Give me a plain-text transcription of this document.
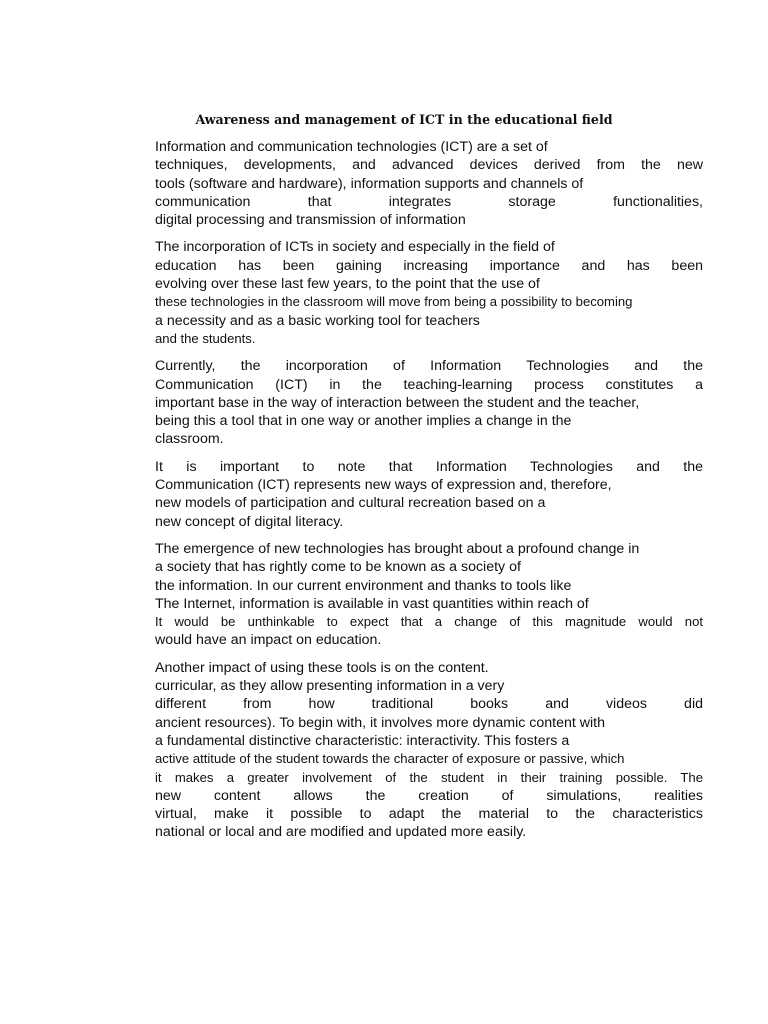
Awareness and management of ICT in the educational field

Information and communication technologies (ICT) are a set of
techniques, developments, and advanced devices derived from the new
tools (software and hardware), information supports and channels of
communication that integrates storage functionalities,
digital processing and transmission of information

The incorporation of ICTs in society and especially in the field of
education has been gaining increasing importance and has been
evolving over these last few years, to the point that the use of
these technologies in the classroom will move from being a possibility to becoming
a necessity and as a basic working tool for teachers
and the students.

Currently, the incorporation of Information Technologies and the
Communication (ICT) in the teaching-learning process constitutes a
important base in the way of interaction between the student and the teacher,
being this a tool that in one way or another implies a change in the
classroom.

It is important to note that Information Technologies and the
Communication (ICT) represents new ways of expression and, therefore,
new models of participation and cultural recreation based on a
new concept of digital literacy.

The emergence of new technologies has brought about a profound change in
a society that has rightly come to be known as a society of
the information. In our current environment and thanks to tools like
The Internet, information is available in vast quantities within reach of
It would be unthinkable to expect that a change of this magnitude would not
would have an impact on education.

Another impact of using these tools is on the content.
curricular, as they allow presenting information in a very
different from how traditional books and videos did
ancient resources). To begin with, it involves more dynamic content with
a fundamental distinctive characteristic: interactivity. This fosters a
active attitude of the student towards the character of exposure or passive, which
it makes a greater involvement of the student in their training possible. The
new content allows the creation of simulations, realities
virtual, make it possible to adapt the material to the characteristics
national or local and are modified and updated more easily.
